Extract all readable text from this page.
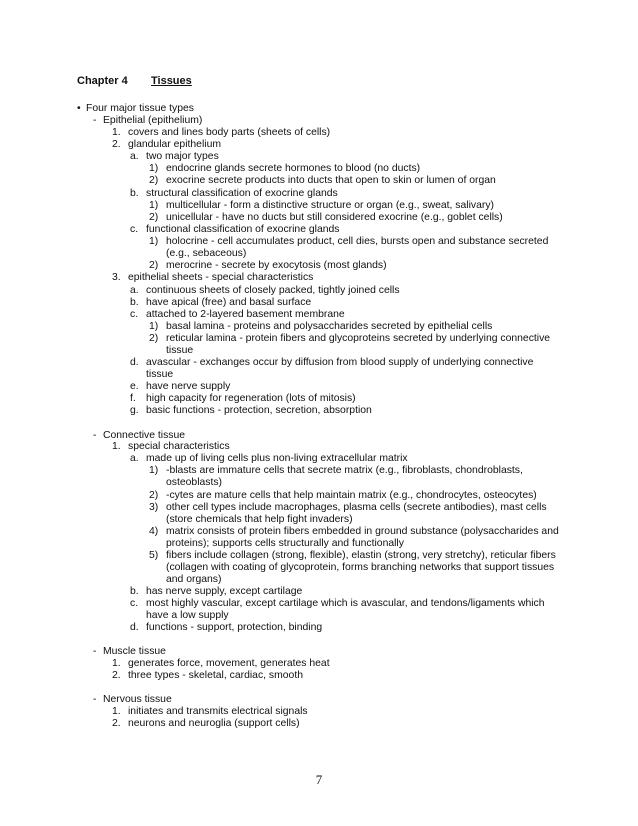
Chapter 4 Tissues
• Four major tissue types
- Epithelial (epithelium)
1. covers and lines body parts (sheets of cells)
2. glandular epithelium
a. two major types
1) endocrine glands secrete hormones to blood (no ducts)
2) exocrine secrete products into ducts that open to skin or lumen of organ
b. structural classification of exocrine glands
1) multicellular - form a distinctive structure or organ (e.g., sweat, salivary)
2) unicellular - have no ducts but still considered exocrine (e.g., goblet cells)
c. functional classification of exocrine glands
1) holocrine - cell accumulates product, cell dies, bursts open and substance secreted
(e.g., sebaceous)
2) merocrine - secrete by exocytosis (most glands)
3. epithelial sheets - special characteristics
a. continuous sheets of closely packed, tightly joined cells
b. have apical (free) and basal surface
c. attached to 2-layered basement membrane
1) basal lamina - proteins and polysaccharides secreted by epithelial cells
2) reticular lamina - protein fibers and glycoproteins secreted by underlying connective
tissue
d. avascular - exchanges occur by diffusion from blood supply of underlying connective
tissue
e. have nerve supply
f. high capacity for regeneration (lots of mitosis)
g. basic functions - protection, secretion, absorption
- Connective tissue
1. special characteristics
a. made up of living cells plus non-living extracellular matrix
1) -blasts are immature cells that secrete matrix (e.g., fibroblasts, chondroblasts,
osteoblasts)
2) -cytes are mature cells that help maintain matrix (e.g., chondrocytes, osteocytes)
3) other cell types include macrophages, plasma cells (secrete antibodies), mast cells
(store chemicals that help fight invaders)
4) matrix consists of protein fibers embedded in ground substance (polysaccharides and
proteins); supports cells structurally and functionally
5) fibers include collagen (strong, flexible), elastin (strong, very stretchy), reticular fibers
(collagen with coating of glycoprotein, forms branching networks that support tissues
and organs)
b. has nerve supply, except cartilage
c. most highly vascular, except cartilage which is avascular, and tendons/ligaments which
have a low supply
d. functions - support, protection, binding
- Muscle tissue
1. generates force, movement, generates heat
2. three types - skeletal, cardiac, smooth
- Nervous tissue
1. initiates and transmits electrical signals
2. neurons and neuroglia (support cells)
7
